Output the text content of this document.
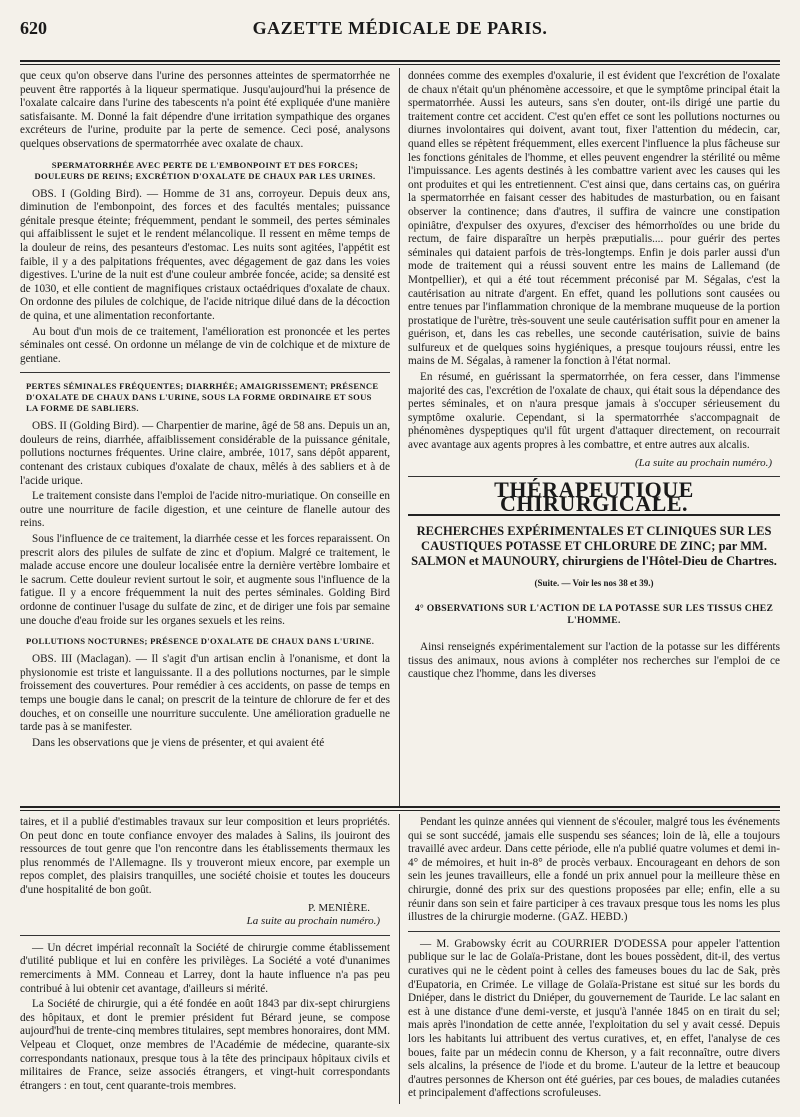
620	GAZETTE MÉDICALE DE PARIS.

que ceux qu'on observe dans l'urine des personnes atteintes de spermatorrhée ne peuvent être rapportés à la liqueur spermatique. Jusqu'aujourd'hui la présence de l'oxalate calcaire dans l'urine des tabescents n'a point été expliquée d'une manière satisfaisante. M. Donné la fait dépendre d'une irritation sympathique des organes excréteurs de l'urine, produite par la perte de semence. Ceci posé, analysons quelques observations de spermatorrhée avec oxalate de chaux.

SPERMATORRHÉE AVEC PERTE DE L'EMBONPOINT ET DES FORCES; DOULEURS DE REINS; EXCRÉTION D'OXALATE DE CHAUX PAR LES URINES.

OBS. I (Golding Bird). — Homme de 31 ans, corroyeur. Depuis deux ans, diminution de l'embonpoint, des forces et des facultés mentales; puissance génitale presque éteinte; fréquemment, pendant le sommeil, des pertes séminales qui affaiblissent le sujet et le rendent mélancolique. Il ressent en même temps de la douleur de reins, des pesanteurs d'estomac. Les nuits sont agitées, l'appétit est faible, il y a des palpitations fréquentes, avec dégagement de gaz dans les voies digestives. L'urine de la nuit est d'une couleur ambrée foncée, acide; sa densité est de 1030, et elle contient de magnifiques cristaux octaédriques d'oxalate de chaux. On ordonne des pilules de colchique, de l'acide nitrique dilué dans de la décoction de quina, et une alimentation reconfortante.

Au bout d'un mois de ce traitement, l'amélioration est prononcée et les pertes séminales ont cessé. On ordonne un mélange de vin de colchique et de mixture de gentiane.

PERTES SÉMINALES FRÉQUENTES; DIARRHÉE; AMAIGRISSEMENT; PRÉSENCE D'OXALATE DE CHAUX DANS L'URINE, SOUS LA FORME ORDINAIRE ET SOUS LA FORME DE SABLIERS.

OBS. II (Golding Bird). — Charpentier de marine, âgé de 58 ans. Depuis un an, douleurs de reins, diarrhée, affaiblissement considérable de la puissance génitale, pollutions nocturnes fréquentes. Urine claire, ambrée, 1017, sans dépôt apparent, contenant des cristaux cubiques d'oxalate de chaux, mêlés à des sabliers et à de l'acide urique.

Le traitement consiste dans l'emploi de l'acide nitro-muriatique. On conseille en outre une nourriture de facile digestion, et une ceinture de flanelle autour des reins.

Sous l'influence de ce traitement, la diarrhée cesse et les forces reparaissent. On prescrit alors des pilules de sulfate de zinc et d'opium. Malgré ce traitement, le malade accuse encore une douleur localisée entre la dernière vertèbre lombaire et le sacrum. Cette douleur revient surtout le soir, et augmente sous l'influence de la fatigue. Il y a encore fréquemment la nuit des pertes séminales. Golding Bird ordonne de continuer l'usage du sulfate de zinc, et de diriger une fois par semaine une douche d'eau froide sur les organes sexuels et les reins.

POLLUTIONS NOCTURNES; PRÉSENCE D'OXALATE DE CHAUX DANS L'URINE.

OBS. III (Maclagan). — Il s'agit d'un artisan enclin à l'onanisme, et dont la physionomie est triste et languissante. Il a des pollutions nocturnes, par le simple froissement des couvertures. Pour remédier à ces accidents, on passe de temps en temps une bougie dans le canal; on prescrit de la teinture de chlorure de fer et des douches, et on conseille une nourriture succulente. Une amélioration graduelle ne tarde pas à se manifester.

Dans les observations que je viens de présenter, et qui avaient été

données comme des exemples d'oxalurie, il est évident que l'excrétion de l'oxalate de chaux n'était qu'un phénomène accessoire, et que le symptôme principal était la spermatorrhée. Aussi les auteurs, sans s'en douter, ont-ils dirigé une partie du traitement contre cet accident. C'est qu'en effet ce sont les pollutions nocturnes ou diurnes involontaires qui doivent, avant tout, fixer l'attention du médecin, car, quand elles se répètent fréquemment, elles exercent l'influence la plus fâcheuse sur les fonctions génitales de l'homme, et elles peuvent engendrer la stérilité ou même l'impuissance. Les agents destinés à les combattre varient avec les causes qui les ont produites et qui les entretiennent. C'est ainsi que, dans certains cas, on guérira la spermatorrhée en faisant cesser des habitudes de masturbation, ou en faisant observer la continence; dans d'autres, il suffira de vaincre une constipation opiniâtre, d'expulser des oxyures, d'exciser des hémorrhoïdes ou une bride du rectum, de faire disparaître un herpès præputialis.... pour guérir des pertes séminales qui dataient parfois de très-longtemps. Enfin je dois parler aussi d'un mode de traitement qui a réussi souvent entre les mains de Lallemand (de Montpellier), et qui a été tout récemment préconisé par M. Ségalas, c'est la cautérisation au nitrate d'argent. En effet, quand les pollutions sont causées ou entre tenues par l'inflammation chronique de la membrane muqueuse de la portion prostatique de l'urètre, très-souvent une seule cautérisation suffit pour en amener la guérison, et, dans les cas rebelles, une seconde cautérisation, suivie de bains sulfureux et de quelques soins hygiéniques, a presque toujours réussi, entre les mains de M. Ségalas, à ramener la fonction à l'état normal.

En résumé, en guérissant la spermatorrhée, on fera cesser, dans l'immense majorité des cas, l'excrétion de l'oxalate de chaux, qui était sous la dépendance des pertes séminales, et on n'aura presque jamais à s'occuper sérieusement du symptôme oxalurie. Cependant, si la spermatorrhée s'accompagnait de phénomènes dyspeptiques qu'il fût urgent d'attaquer directement, on recourrait avec avantage aux agents propres à les combattre, et entre autres aux alcalis.

(La suite au prochain numéro.)
THÉRAPEUTIQUE CHIRURGICALE.
RECHERCHES EXPÉRIMENTALES ET CLINIQUES SUR LES CAUSTIQUES POTASSE ET CHLORURE DE ZINC; par MM. SALMON et MAUNOURY, chirurgiens de l'Hôtel-Dieu de Chartres.
(Suite. — Voir les nos 38 et 39.)
4° OBSERVATIONS SUR L'ACTION DE LA POTASSE SUR LES TISSUS CHEZ L'HOMME.

Ainsi renseignés expérimentalement sur l'action de la potasse sur les différents tissus des animaux, nous avions à compléter nos recherches sur l'emploi de ce caustique chez l'homme, dans les diverses

taires, et il a publié d'estimables travaux sur leur composition et leurs propriétés. On peut donc en toute confiance envoyer des malades à Salins, ils jouiront des ressources de tout genre que l'on rencontre dans les établissements thermaux les plus renommés de l'Allemagne. Ils y trouveront mieux encore, par exemple un repos complet, des plaisirs tranquilles, une société choisie et toutes les douceurs d'une hospitalité de bon goût.

P. MENIÈRE.
La suite au prochain numéro.)

— Un décret impérial reconnaît la Société de chirurgie comme établissement d'utilité publique et lui en confère les privilèges. La Société a voté d'unanimes remerciments à MM. Conneau et Larrey, dont la haute influence n'a pas peu contribué à lui obtenir cet avantage, d'ailleurs si mérité.

La Société de chirurgie, qui a été fondée en août 1843 par dix-sept chirurgiens des hôpitaux, et dont le premier président fut Bérard jeune, se compose aujourd'hui de trente-cinq membres titulaires, sept membres honoraires, dont MM. Velpeau et Cloquet, onze membres de l'Académie de médecine, quarante-six correspondants nationaux, presque tous à la tête des principaux hôpitaux civils et militaires de France, seize associés étrangers, et vingt-huit correspondants étrangers : en tout, cent quarante-trois membres.

Pendant les quinze années qui viennent de s'écouler, malgré tous les événements qui se sont succédé, jamais elle suspendu ses séances; loin de là, elle a toujours travaillé avec ardeur. Dans cette période, elle n'a publié quatre volumes et demi in-4° de mémoires, et huit in-8° de procès verbaux. Encourageant en dehors de son sein les jeunes travailleurs, elle a fondé un prix annuel pour la meilleure thèse en chirurgie, donné des prix sur des questions proposées par elle; enfin, elle a su réunir dans son sein et faire participer à ces travaux presque tous les noms les plus illustres de la chirurgie moderne. (GAZ. HEBD.)

— M. Grabowsky écrit au COURRIER D'ODESSA pour appeler l'attention publique sur le lac de Golaïa-Pristane, dont les boues possèdent, dit-il, des vertus curatives qui ne le cèdent point à celles des fameuses boues du lac de Sak, près d'Eupatoria, en Crimée. Le village de Golaïa-Pristane est situé sur les bords du Dniéper, dans le district du Dniéper, du gouvernement de Tauride. Le lac salant en est à une distance d'une demi-verste, et jusqu'à l'année 1845 on en tirait du sel; mais après l'inondation de cette année, l'exploitation du sel y avait cessé. Depuis lors les habitants lui attribuent des vertus curatives, et, en effet, l'analyse de ces boues, faite par un médecin connu de Kherson, y a fait reconnaître, outre divers sels alcalins, la présence de l'iode et du brome. L'auteur de la lettre et beaucoup d'autres personnes de Kherson ont été guéries, par ces boues, de maladies cutanées et principalement d'affections scrofuleuses.
